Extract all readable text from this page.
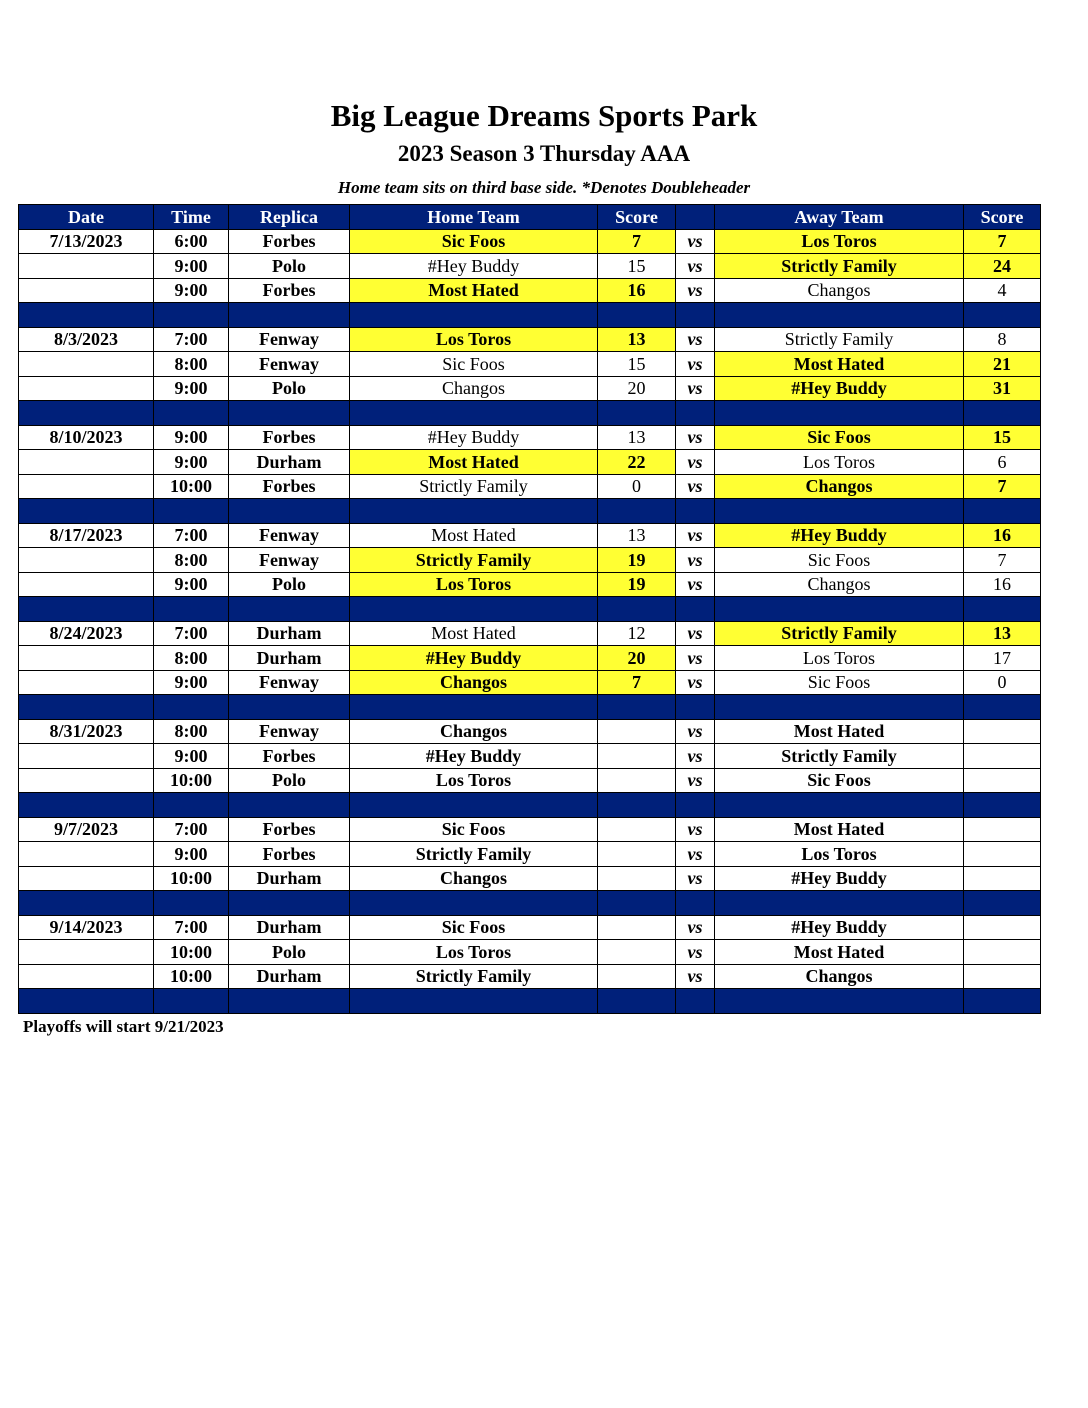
Big League Dreams Sports Park
2023 Season 3 Thursday AAA
Home team sits on third base side. *Denotes Doubleheader
Date	Time	Replica	Home Team	Score		Away Team	Score
7/13/2023	6:00	Forbes	Sic Foos	7	vs	Los Toros	7
	9:00	Polo	#Hey Buddy	15	vs	Strictly Family	24
	9:00	Forbes	Most Hated	16	vs	Changos	4

8/3/2023	7:00	Fenway	Los Toros	13	vs	Strictly Family	8
	8:00	Fenway	Sic Foos	15	vs	Most Hated	21
	9:00	Polo	Changos	20	vs	#Hey Buddy	31

8/10/2023	9:00	Forbes	#Hey Buddy	13	vs	Sic Foos	15
	9:00	Durham	Most Hated	22	vs	Los Toros	6
	10:00	Forbes	Strictly Family	0	vs	Changos	7

8/17/2023	7:00	Fenway	Most Hated	13	vs	#Hey Buddy	16
	8:00	Fenway	Strictly Family	19	vs	Sic Foos	7
	9:00	Polo	Los Toros	19	vs	Changos	16

8/24/2023	7:00	Durham	Most Hated	12	vs	Strictly Family	13
	8:00	Durham	#Hey Buddy	20	vs	Los Toros	17
	9:00	Fenway	Changos	7	vs	Sic Foos	0

8/31/2023	8:00	Fenway	Changos		vs	Most Hated	
	9:00	Forbes	#Hey Buddy		vs	Strictly Family	
	10:00	Polo	Los Toros		vs	Sic Foos	

9/7/2023	7:00	Forbes	Sic Foos		vs	Most Hated	
	9:00	Forbes	Strictly Family		vs	Los Toros	
	10:00	Durham	Changos		vs	#Hey Buddy	

9/14/2023	7:00	Durham	Sic Foos		vs	#Hey Buddy	
	10:00	Polo	Los Toros		vs	Most Hated	
	10:00	Durham	Strictly Family		vs	Changos	

Playoffs will start 9/21/2023
